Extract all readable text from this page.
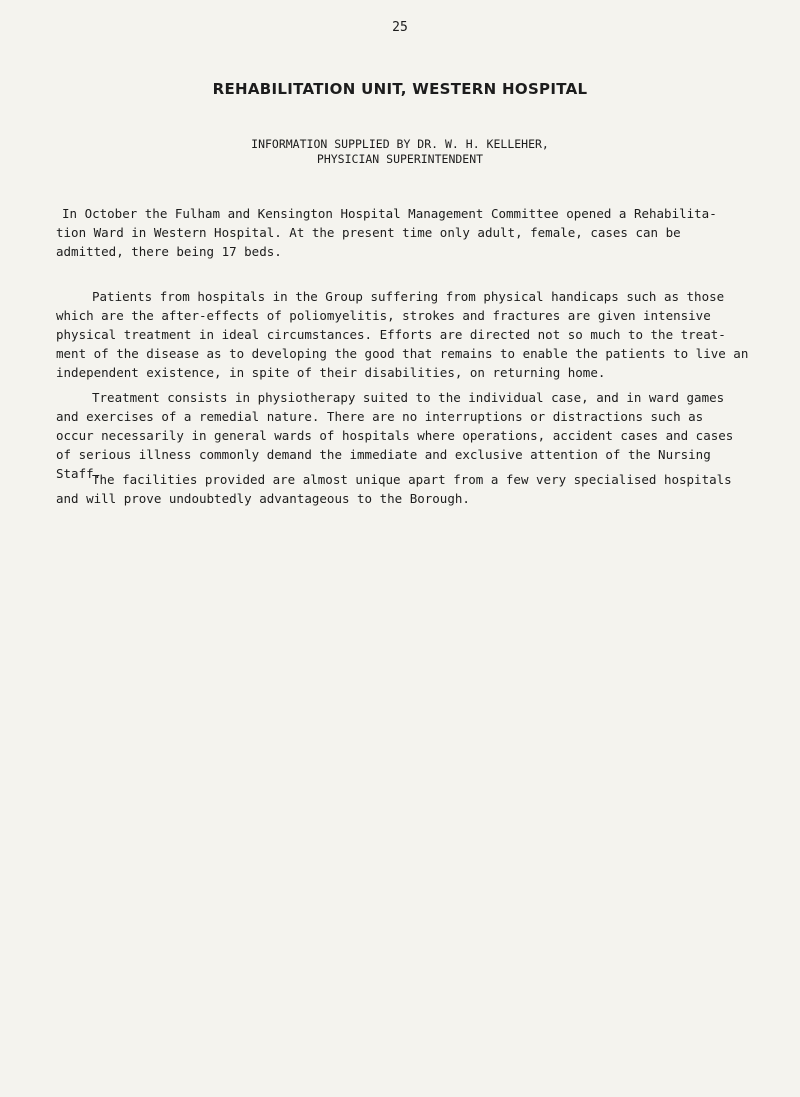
25
REHABILITATION UNIT, WESTERN HOSPITAL
INFORMATION SUPPLIED BY DR. W. H. KELLEHER,
PHYSICIAN SUPERINTENDENT
In October the Fulham and Kensington Hospital Management Committee opened a Rehabilita-
tion Ward in Western Hospital. At the present time only adult, female, cases can be
admitted, there being 17 beds.
Patients from hospitals in the Group suffering from physical handicaps such as those
which are the after-effects of poliomyelitis, strokes and fractures are given intensive
physical treatment in ideal circumstances. Efforts are directed not so much to the treat-
ment of the disease as to developing the good that remains to enable the patients to live an
independent existence, in spite of their disabilities, on returning home.
Treatment consists in physiotherapy suited to the individual case, and in ward games
and exercises of a remedial nature. There are no interruptions or distractions such as
occur necessarily in general wards of hospitals where operations, accident cases and cases
of serious illness commonly demand the immediate and exclusive attention of the Nursing
Staff.
The facilities provided are almost unique apart from a few very specialised hospitals
and will prove undoubtedly advantageous to the Borough.
